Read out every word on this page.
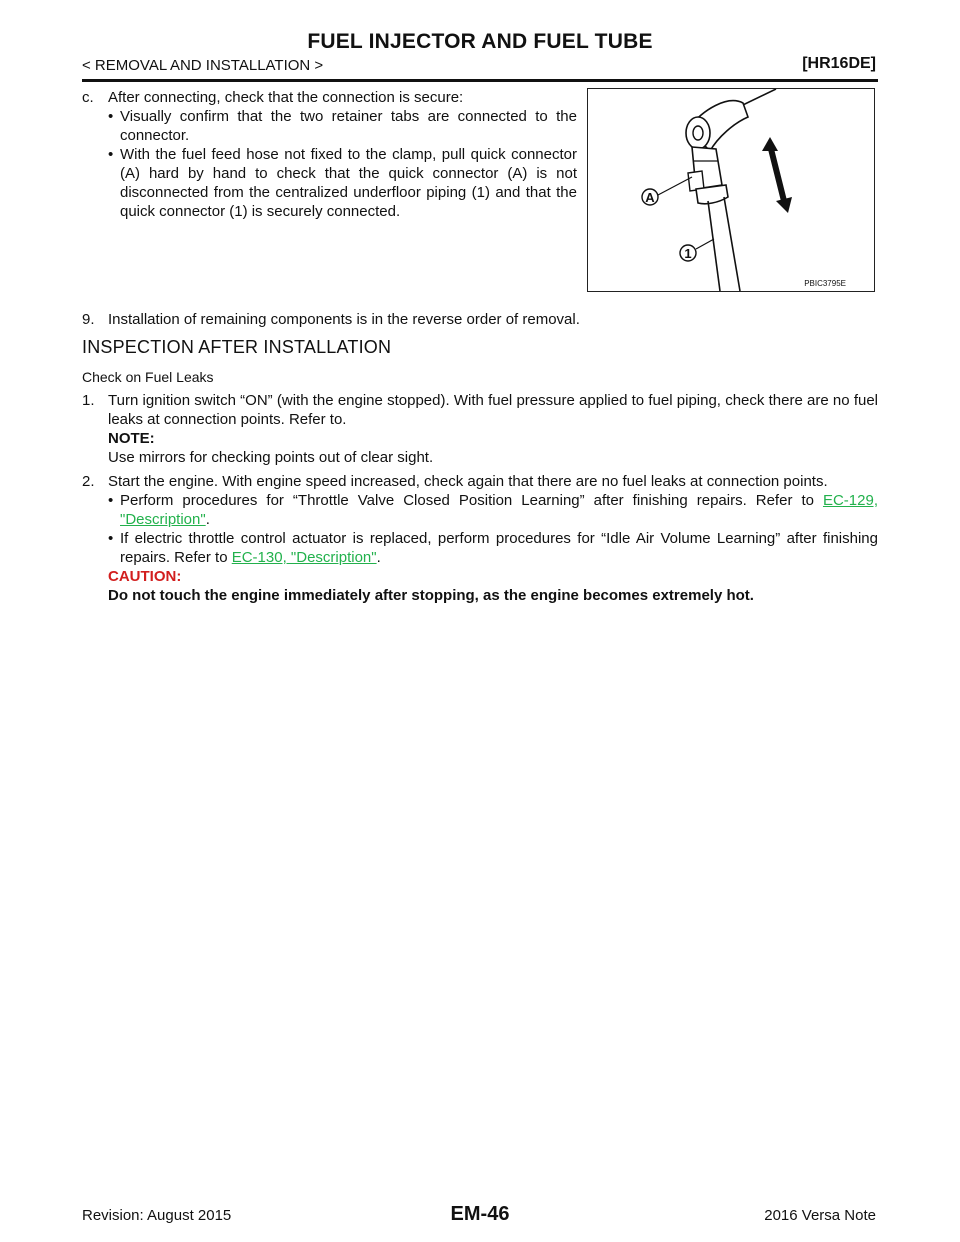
FUEL INJECTOR AND FUEL TUBE
< REMOVAL AND INSTALLATION >	[HR16DE]
c. After connecting, check that the connection is secure:
• Visually confirm that the two retainer tabs are connected to the connector.
• With the fuel feed hose not fixed to the clamp, pull quick connector (A) hard by hand to check that the quick connector (A) is not disconnected from the centralized underfloor piping (1) and that the quick connector (1) is securely connected.
A
1
PBIC3795E
9. Installation of remaining components is in the reverse order of removal.
INSPECTION AFTER INSTALLATION
Check on Fuel Leaks
1. Turn ignition switch “ON” (with the engine stopped). With fuel pressure applied to fuel piping, check there are no fuel leaks at connection points. Refer to.
NOTE:
Use mirrors for checking points out of clear sight.
2. Start the engine. With engine speed increased, check again that there are no fuel leaks at connection points.
• Perform procedures for “Throttle Valve Closed Position Learning” after finishing repairs. Refer to EC-129, "Description".
• If electric throttle control actuator is replaced, perform procedures for “Idle Air Volume Learning” after finishing repairs. Refer to EC-130, "Description".
CAUTION:
Do not touch the engine immediately after stopping, as the engine becomes extremely hot.
Revision: August 2015	EM-46	2016 Versa Note
